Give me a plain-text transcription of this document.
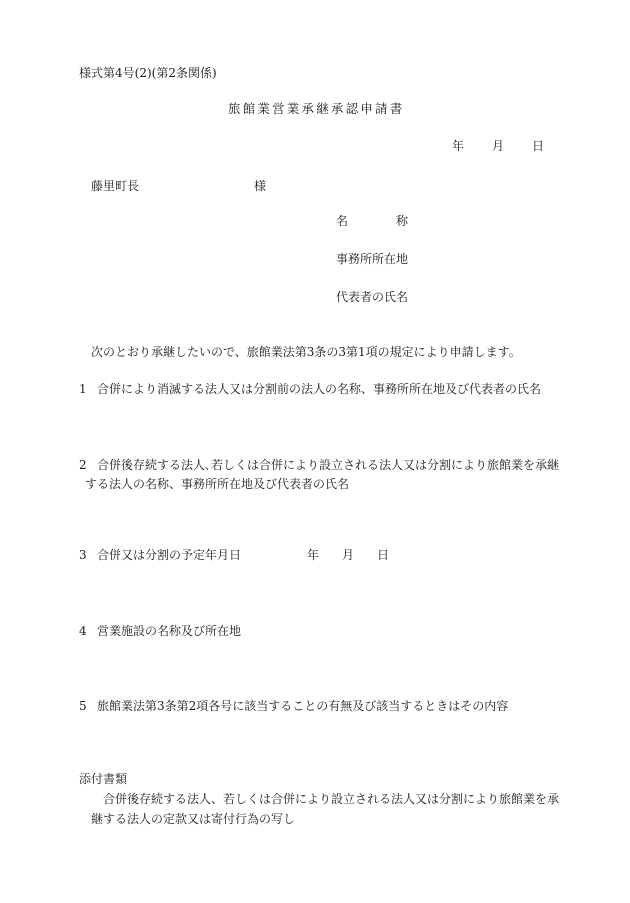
様式第4号(2)(第2条関係)
旅館業営業承継承認申請書
年 月 日
藤里町長	様
名　　　　称
事務所所在地
代表者の氏名
次のとおり承継したいので、旅館業法第3条の3第1項の規定により申請します。
1 合併により消滅する法人又は分割前の法人の名称、事務所所在地及び代表者の氏名
2 合併後存続する法人､若しくは合併により設立される法人又は分割により旅館業を承継
する法人の名称、事務所所在地及び代表者の氏名
3 合併又は分割の予定年月日	年 月 日
4 営業施設の名称及び所在地
5 旅館業法第3条第2項各号に該当することの有無及び該当するときはその内容
添付書類
合併後存続する法人、若しくは合併により設立される法人又は分割により旅館業を承
継する法人の定款又は寄付行為の写し
